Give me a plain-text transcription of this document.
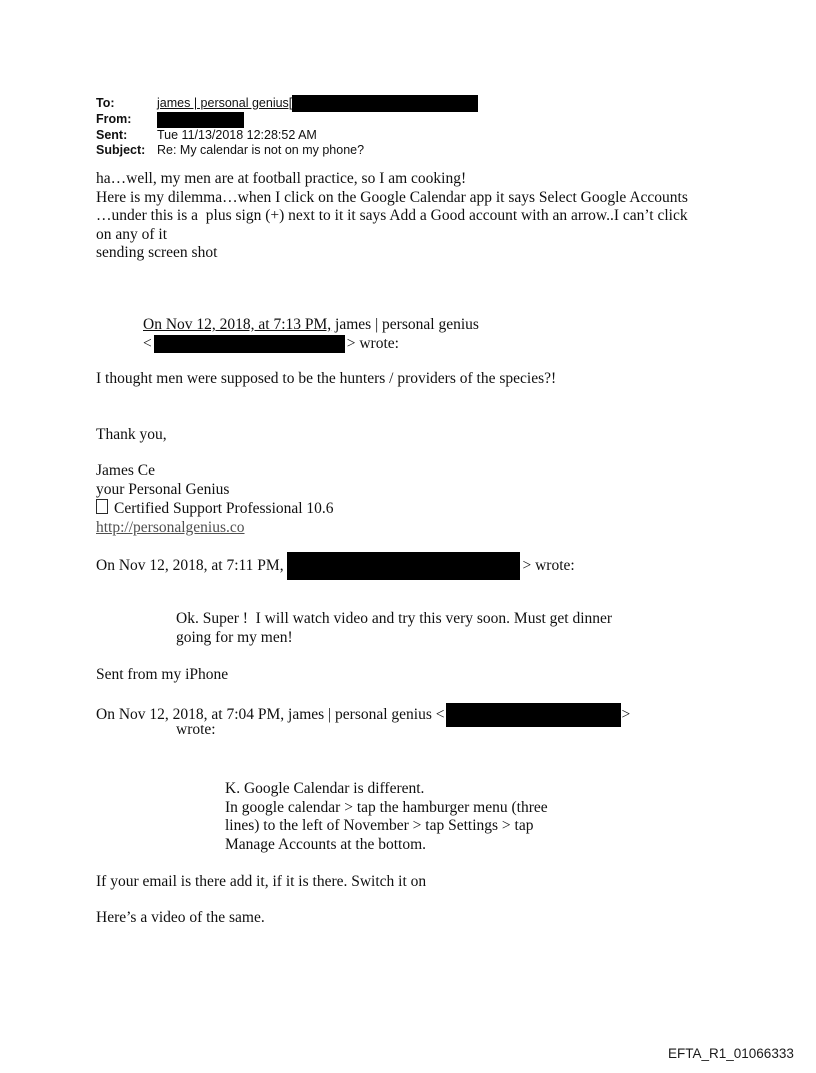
To:	james | personal genius[
From:
Sent:	Tue 11/13/2018 12:28:52 AM
Subject: Re: My calendar is not on my phone?
ha…well, my men are at football practice, so I am cooking!
Here is my dilemma…when I click on the Google Calendar app it says Select Google Accounts
…under this is a  plus sign (+) next to it it says Add a Good account with an arrow..I can’t click
on any of it
sending screen shot
On Nov 12, 2018, at 7:13 PM, james | personal genius
<	> wrote:
I thought men were supposed to be the hunters / providers of the species?!
Thank you,
James Ce
your Personal Genius
Certified Support Professional 10.6
http://personalgenius.co
On Nov 12, 2018, at 7:11 PM,	> wrote:
Ok. Super !  I will watch video and try this very soon. Must get dinner
going for my men!
Sent from my iPhone
On Nov 12, 2018, at 7:04 PM, james | personal genius <	>
wrote:
K. Google Calendar is different.
In google calendar > tap the hamburger menu (three
lines) to the left of November > tap Settings > tap
Manage Accounts at the bottom.
If your email is there add it, if it is there. Switch it on
Here’s a video of the same.
EFTA_R1_01066333
